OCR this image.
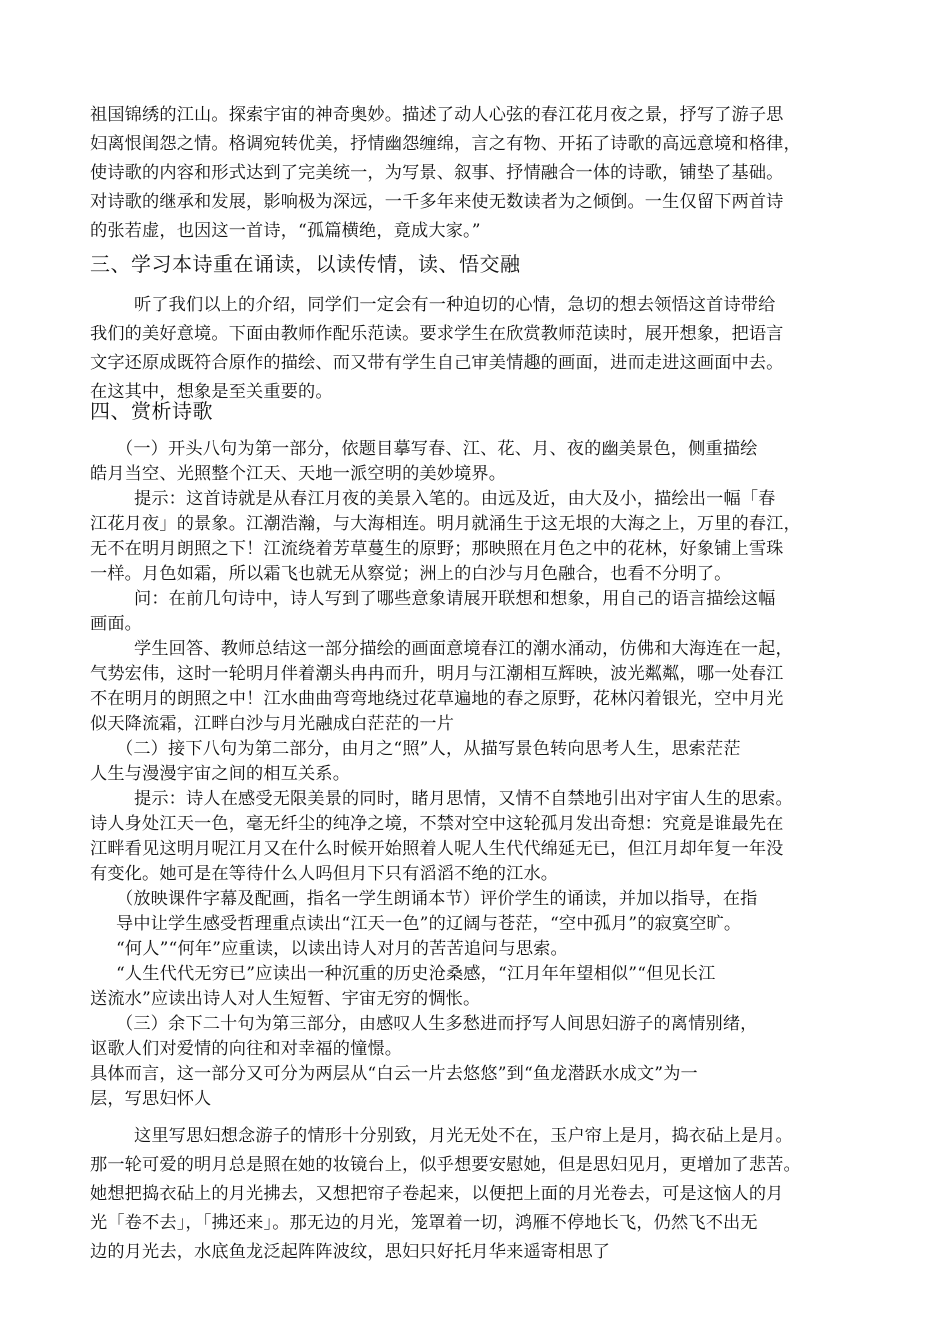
祖国锦绣的江山。探索宇宙的神奇奥妙。描述了动人心弦的春江花月夜之景，抒写了游子思

妇离恨闺怨之情。格调宛转优美，抒情幽怨缠绵，言之有物、开拓了诗歌的高远意境和格律，

使诗歌的内容和形式达到了完美统一，为写景、叙事、抒情融合一体的诗歌，铺垫了基础。

对诗歌的继承和发展，影响极为深远，一千多年来使无数读者为之倾倒。一生仅留下两首诗

的张若虚，也因这一首诗，“孤篇横绝，竟成大家。”

三、学习本诗重在诵读，以读传情，读、悟交融

听了我们以上的介绍，同学们一定会有一种迫切的心情，急切的想去领悟这首诗带给

我们的美好意境。下面由教师作配乐范读。要求学生在欣赏教师范读时，展开想象，把语言

文字还原成既符合原作的描绘、而又带有学生自己审美情趣的画面，进而走进这画面中去。

在这其中，想象是至关重要的。

四、赏析诗歌

（一）开头八句为第一部分，依题目摹写春、江、花、月、夜的幽美景色，侧重描绘

皓月当空、光照整个江天、天地一派空明的美妙境界。

提示：这首诗就是从春江月夜的美景入笔的。由远及近，由大及小，描绘出一幅「春

江花月夜」的景象。江潮浩瀚，与大海相连。明月就涌生于这无垠的大海之上，万里的春江，

无不在明月朗照之下！江流绕着芳草蔓生的原野；那映照在月色之中的花林，好象铺上雪珠

一样。月色如霜，所以霜飞也就无从察觉；洲上的白沙与月色融合，也看不分明了。

问：在前几句诗中，诗人写到了哪些意象请展开联想和想象，用自己的语言描绘这幅

画面。

学生回答、教师总结这一部分描绘的画面意境春江的潮水涌动，仿佛和大海连在一起，

气势宏伟，这时一轮明月伴着潮头冉冉而升，明月与江潮相互辉映，波光粼粼，哪一处春江

不在明月的朗照之中！江水曲曲弯弯地绕过花草遍地的春之原野，花林闪着银光，空中月光

似天降流霜，江畔白沙与月光融成白茫茫的一片

（二）接下八句为第二部分，由月之“照”人，从描写景色转向思考人生，思索茫茫

人生与漫漫宇宙之间的相互关系。

提示：诗人在感受无限美景的同时，睹月思情，又情不自禁地引出对宇宙人生的思索。

诗人身处江天一色，毫无纤尘的纯净之境，不禁对空中这轮孤月发出奇想：究竟是谁最先在

江畔看见这明月呢江月又在什么时候开始照着人呢人生代代绵延无已，但江月却年复一年没

有变化。她可是在等待什么人吗但月下只有滔滔不绝的江水。

（放映课件字幕及配画，指名一学生朗诵本节）评价学生的诵读，并加以指导，在指

导中让学生感受哲理重点读出“江天一色”的辽阔与苍茫，“空中孤月”的寂寞空旷。

“何人”“何年”应重读，以读出诗人对月的苦苦追问与思索。

“人生代代无穷已”应读出一种沉重的历史沧桑感，“江月年年望相似”“但见长江

送流水”应读出诗人对人生短暂、宇宙无穷的惆怅。

（三）余下二十句为第三部分，由感叹人生多愁进而抒写人间思妇游子的离情别绪，

讴歌人们对爱情的向往和对幸福的憧憬。

具体而言，这一部分又可分为两层从“白云一片去悠悠”到“鱼龙潜跃水成文”为一

层，写思妇怀人

这里写思妇想念游子的情形十分别致，月光无处不在，玉户帘上是月，捣衣砧上是月。

那一轮可爱的明月总是照在她的妆镜台上，似乎想要安慰她，但是思妇见月，更增加了悲苦。

她想把捣衣砧上的月光拂去，又想把帘子卷起来，以便把上面的月光卷去，可是这恼人的月

光「卷不去」，「拂还来」。那无边的月光，笼罩着一切，鸿雁不停地长飞，仍然飞不出无

边的月光去，水底鱼龙泛起阵阵波纹，思妇只好托月华来遥寄相思了
